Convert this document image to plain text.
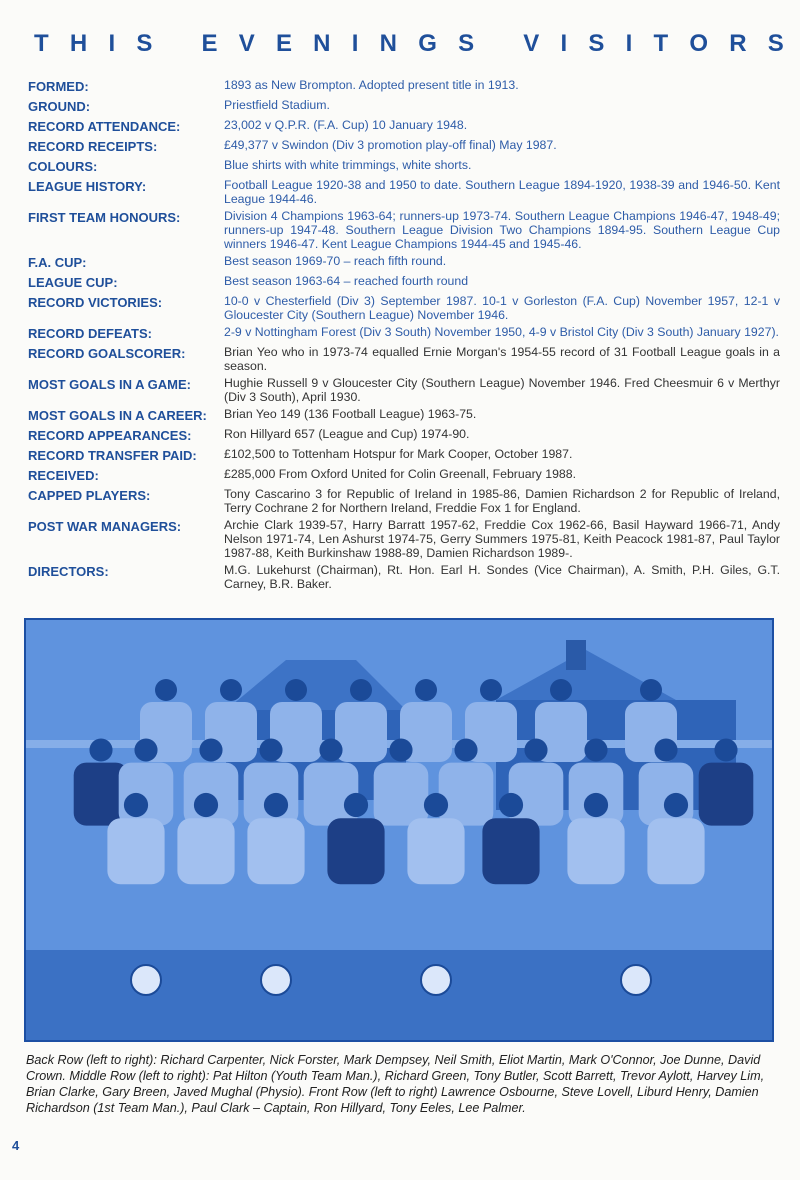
T H I S
E V E N I N G S
V I S I T O R S
FORMED:	1893 as New Brompton. Adopted present title in 1913.
GROUND:	Priestfield Stadium.
RECORD ATTENDANCE:	23,002 v Q.P.R. (F.A. Cup) 10 January 1948.
RECORD RECEIPTS:	£49,377 v Swindon (Div 3 promotion play-off final) May 1987.
COLOURS:	Blue shirts with white trimmings, white shorts.
LEAGUE HISTORY:	Football League 1920-38 and 1950 to date. Southern League 1894-1920, 1938-39 and 1946-50. Kent League 1944-46.
FIRST TEAM HONOURS:	Division 4 Champions 1963-64; runners-up 1973-74. Southern League Champions 1946-47, 1948-49; runners-up 1947-48. Southern League Division Two Champions 1894-95. Southern League Cup winners 1946-47. Kent League Champions 1944-45 and 1945-46.
F.A. CUP:	Best season 1969-70 – reach fifth round.
LEAGUE CUP:	Best season 1963-64 – reached fourth round
RECORD VICTORIES:	10-0 v Chesterfield (Div 3) September 1987. 10-1 v Gorleston (F.A. Cup) November 1957, 12-1 v Gloucester City (Southern League) November 1946.
RECORD DEFEATS:	2-9 v Nottingham Forest (Div 3 South) November 1950, 4-9 v Bristol City (Div 3 South) January 1927).
RECORD GOALSCORER:	Brian Yeo who in 1973-74 equalled Ernie Morgan's 1954-55 record of 31 Football League goals in a season.
MOST GOALS IN A GAME:	Hughie Russell 9 v Gloucester City (Southern League) November 1946. Fred Cheesmuir 6 v Merthyr (Div 3 South), April 1930.
MOST GOALS IN A CAREER:	Brian Yeo 149 (136 Football League) 1963-75.
RECORD APPEARANCES:	Ron Hillyard 657 (League and Cup) 1974-90.
RECORD TRANSFER PAID:	£102,500 to Tottenham Hotspur for Mark Cooper, October 1987.
RECEIVED:	£285,000 From Oxford United for Colin Greenall, February 1988.
CAPPED PLAYERS:	Tony Cascarino 3 for Republic of Ireland in 1985-86, Damien Richardson 2 for Republic of Ireland, Terry Cochrane 2 for Northern Ireland, Freddie Fox 1 for England.
POST WAR MANAGERS:	Archie Clark 1939-57, Harry Barratt 1957-62, Freddie Cox 1962-66, Basil Hayward 1966-71, Andy Nelson 1971-74, Len Ashurst 1974-75, Gerry Summers 1975-81, Keith Peacock 1981-87, Paul Taylor 1987-88, Keith Burkinshaw 1988-89, Damien Richardson 1989-.
DIRECTORS:	M.G. Lukehurst (Chairman), Rt. Hon. Earl H. Sondes (Vice Chairman), A. Smith, P.H. Giles, G.T. Carney, B.R. Baker.
Back Row (left to right): Richard Carpenter, Nick Forster, Mark Dempsey, Neil Smith, Eliot Martin, Mark O'Connor, Joe Dunne, David Crown. Middle Row (left to right): Pat Hilton (Youth Team Man.), Richard Green, Tony Butler, Scott Barrett, Trevor Aylott, Harvey Lim, Brian Clarke, Gary Breen, Javed Mughal (Physio). Front Row (left to right) Lawrence Osbourne, Steve Lovell, Liburd Henry, Damien Richardson (1st Team Man.), Paul Clark – Captain, Ron Hillyard, Tony Eeles, Lee Palmer.
4
